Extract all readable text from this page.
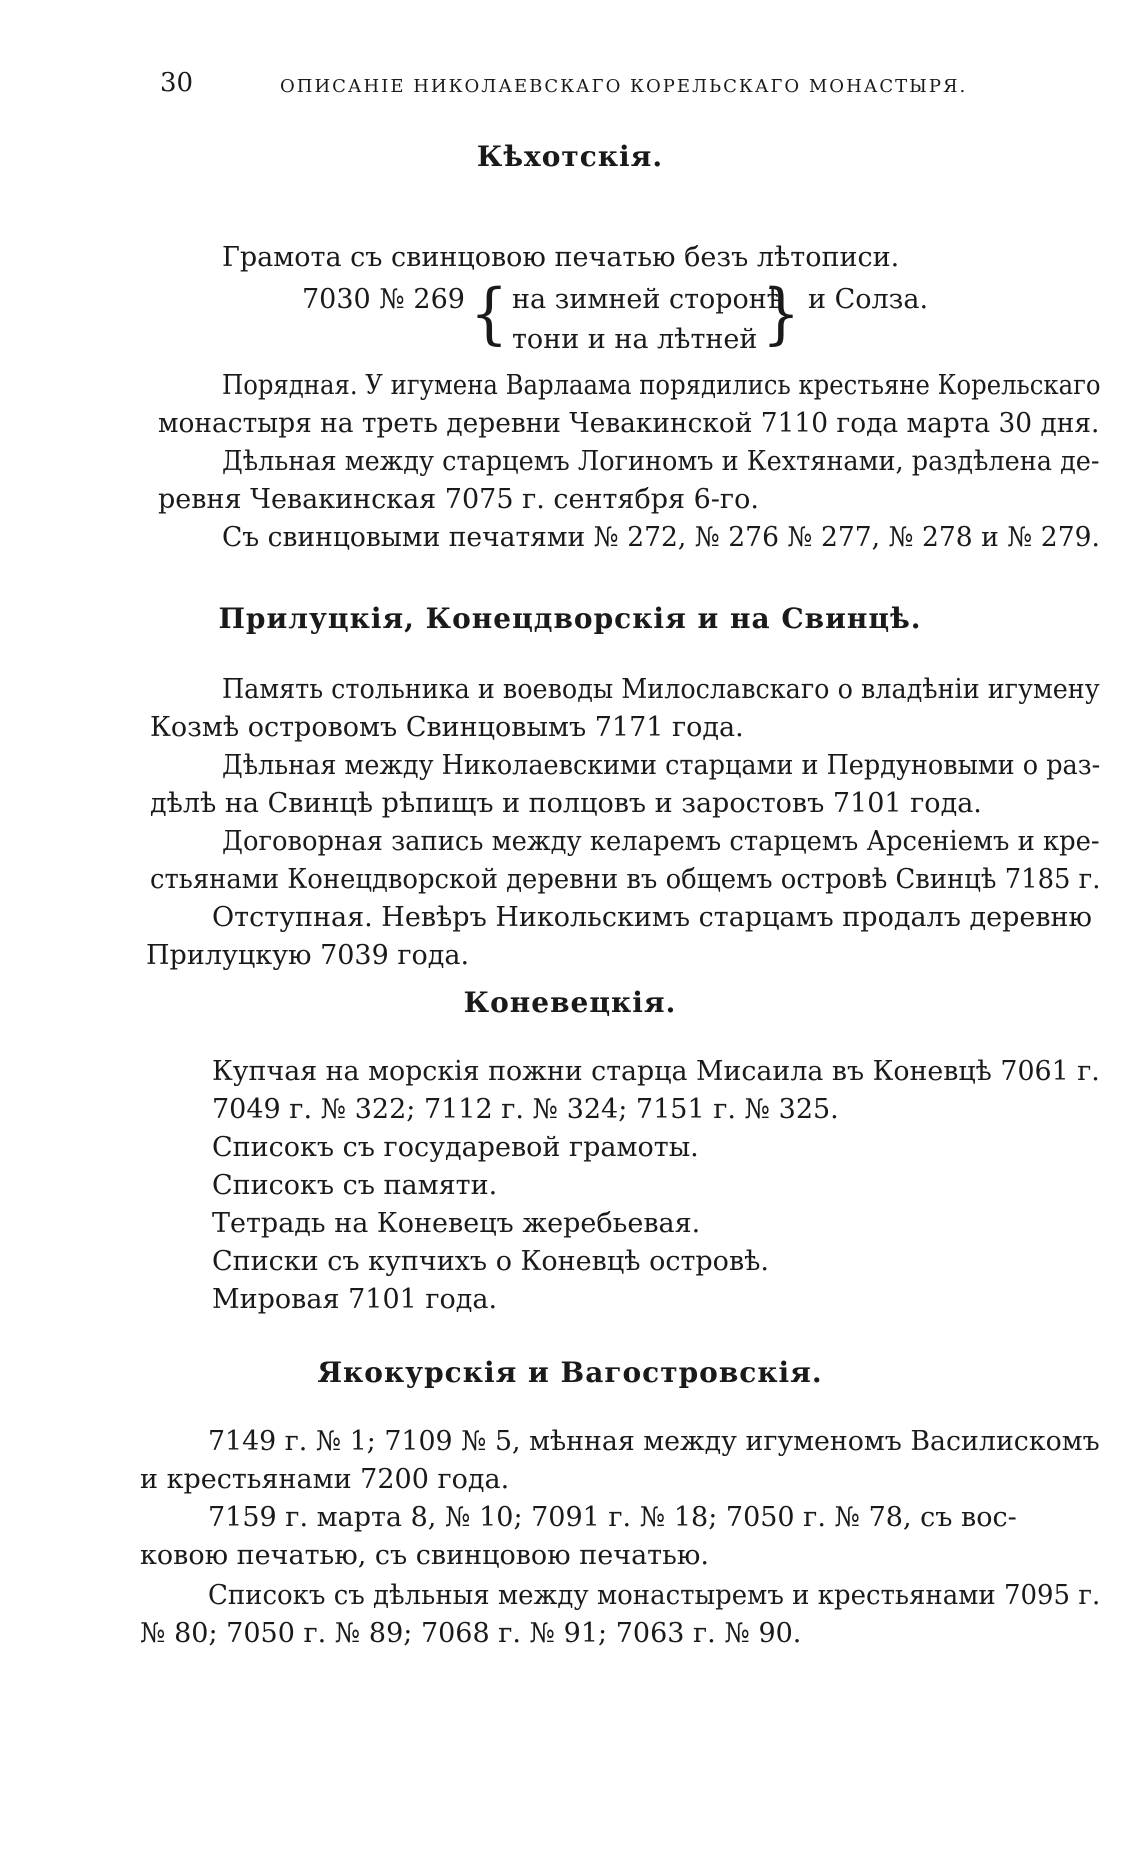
30	ОПИСАНІЕ НИКОЛАЕВСКАГО КОРЕЛЬСКАГО МОНАСТЫРЯ.
Кѣхотскія.
Грамота съ свинцовою печатью безъ лѣтописи.
7030 № 269 { на зимней сторонѣ
тони и на лѣтней } и Солза.
Порядная. У игумена Варлаама порядились крестьяне Корельскаго
монастыря на треть деревни Чевакинской 7110 года марта 30 дня.
Дѣльная между старцемъ Логиномъ и Кехтянами, раздѣлена де-
ревня Чевакинская 7075 г. сентября 6-го.
Съ свинцовыми печатями № 272, № 276 № 277, № 278 и № 279.
Прилуцкія, Конецдворскія и на Свинцѣ.
Память стольника и воеводы Милославскаго о владѣніи игумену
Козмѣ островомъ Свинцовымъ 7171 года.
Дѣльная между Николаевскими старцами и Пердуновыми о раз-
дѣлѣ на Свинцѣ рѣпищъ и полцовъ и заростовъ 7101 года.
Договорная запись между келаремъ старцемъ Арсеніемъ и кре-
стьянами Конецдворской деревни въ общемъ островѣ Свинцѣ 7185 г.
Отступная. Невѣръ Никольскимъ старцамъ продалъ деревню
Прилуцкую 7039 года.
Коневецкія.
Купчая на морскія пожни старца Мисаила въ Коневцѣ 7061 г.
7049 г. № 322; 7112 г. № 324; 7151 г. № 325.
Списокъ съ государевой грамоты.
Списокъ съ памяти.
Тетрадь на Коневецъ жеребьевая.
Списки съ купчихъ о Коневцѣ островѣ.
Мировая 7101 года.
Якокурскія и Вагостровскія.
7149 г. № 1; 7109 № 5, мѣнная между игуменомъ Василискомъ
и крестьянами 7200 года.
7159 г. марта 8, № 10; 7091 г. № 18; 7050 г. № 78, съ вос-
ковою печатью, съ свинцовою печатью.
Списокъ съ дѣльныя между монастыремъ и крестьянами 7095 г.
№ 80; 7050 г. № 89; 7068 г. № 91; 7063 г. № 90.
